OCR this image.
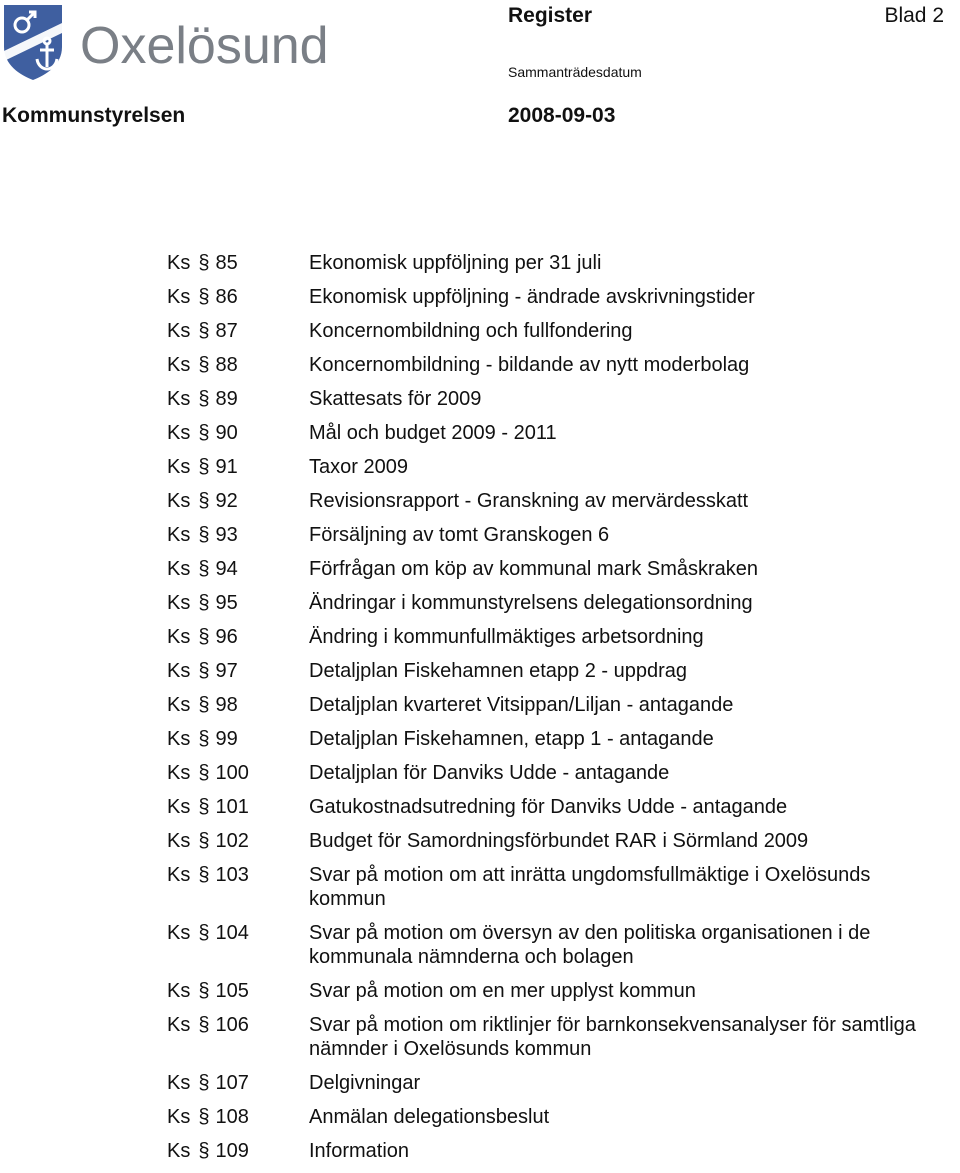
Oxelösund
Register	Blad 2
Sammanträdesdatum
Kommunstyrelsen	2008-09-03
Ks § 85	Ekonomisk uppföljning per 31 juli
Ks § 86	Ekonomisk uppföljning - ändrade avskrivningstider
Ks § 87	Koncernombildning och fullfondering
Ks § 88	Koncernombildning - bildande av nytt moderbolag
Ks § 89	Skattesats för 2009
Ks § 90	Mål och budget 2009 - 2011
Ks § 91	Taxor 2009
Ks § 92	Revisionsrapport - Granskning av mervärdesskatt
Ks § 93	Försäljning av tomt Granskogen 6
Ks § 94	Förfrågan om köp av kommunal mark Småskraken
Ks § 95	Ändringar i kommunstyrelsens delegationsordning
Ks § 96	Ändring i kommunfullmäktiges arbetsordning
Ks § 97	Detaljplan Fiskehamnen etapp 2 - uppdrag
Ks § 98	Detaljplan kvarteret Vitsippan/Liljan - antagande
Ks § 99	Detaljplan Fiskehamnen, etapp 1 - antagande
Ks § 100	Detaljplan för Danviks Udde - antagande
Ks § 101	Gatukostnadsutredning för Danviks Udde - antagande
Ks § 102	Budget för Samordningsförbundet RAR i Sörmland 2009
Ks § 103	Svar på motion om att inrätta ungdomsfullmäktige i Oxelösunds kommun
Ks § 104	Svar på motion om översyn av den politiska organisationen i de kommunala nämnderna och bolagen
Ks § 105	Svar på motion om en mer upplyst kommun
Ks § 106	Svar på motion om riktlinjer för barnkonsekvensanalyser för samtliga nämnder i Oxelösunds kommun
Ks § 107	Delgivningar
Ks § 108	Anmälan delegationsbeslut
Ks § 109	Information
